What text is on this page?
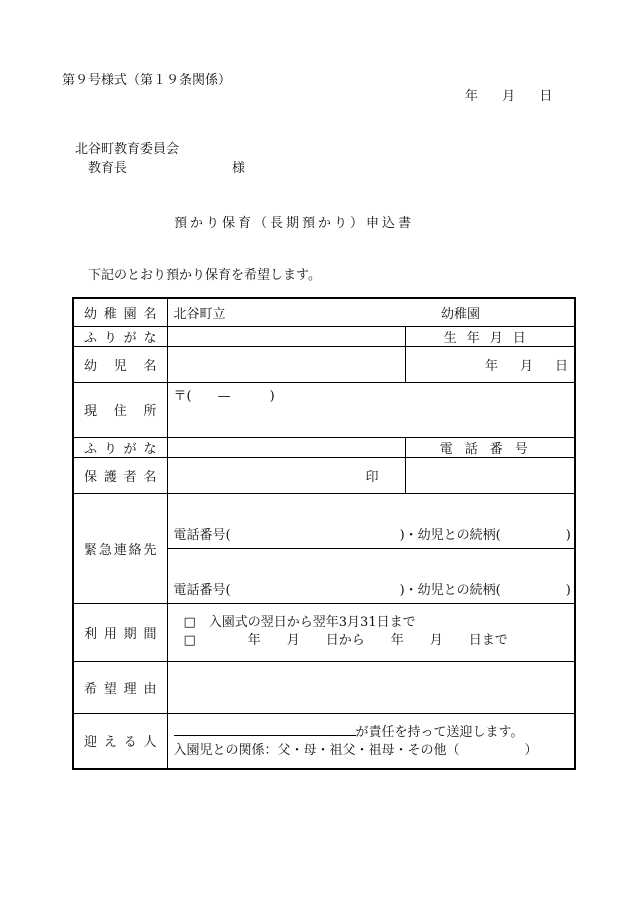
第９号様式（第１９条関係）
年 月 日
北谷町教育委員会
教育長	様
預かり保育（長期預かり）申込書
下記のとおり預かり保育を希望します。
幼稚園名	北谷町立 幼稚園	

ふりがな		生年月日

幼児名		年 月 日

現住所	〒(　　—　　　)	

ふりがな		電話番号

保護者名	印	

緊急連絡先	電話番号(　　　　　　　　　　　　　)・幼児との続柄(　　　　　)
電話番号(　　　　　　　　　　　　　)・幼児との続柄(　　　　　)	

利用期間	□　入園式の翌日から翌年3月31日まで
□　　　　年　　月　　日から　　年　　月　　日まで	

希望理由		
迎える人	が責任を持って送迎します。
入園児との関係：父・母・祖父・祖母・その他（　　　　　）	
